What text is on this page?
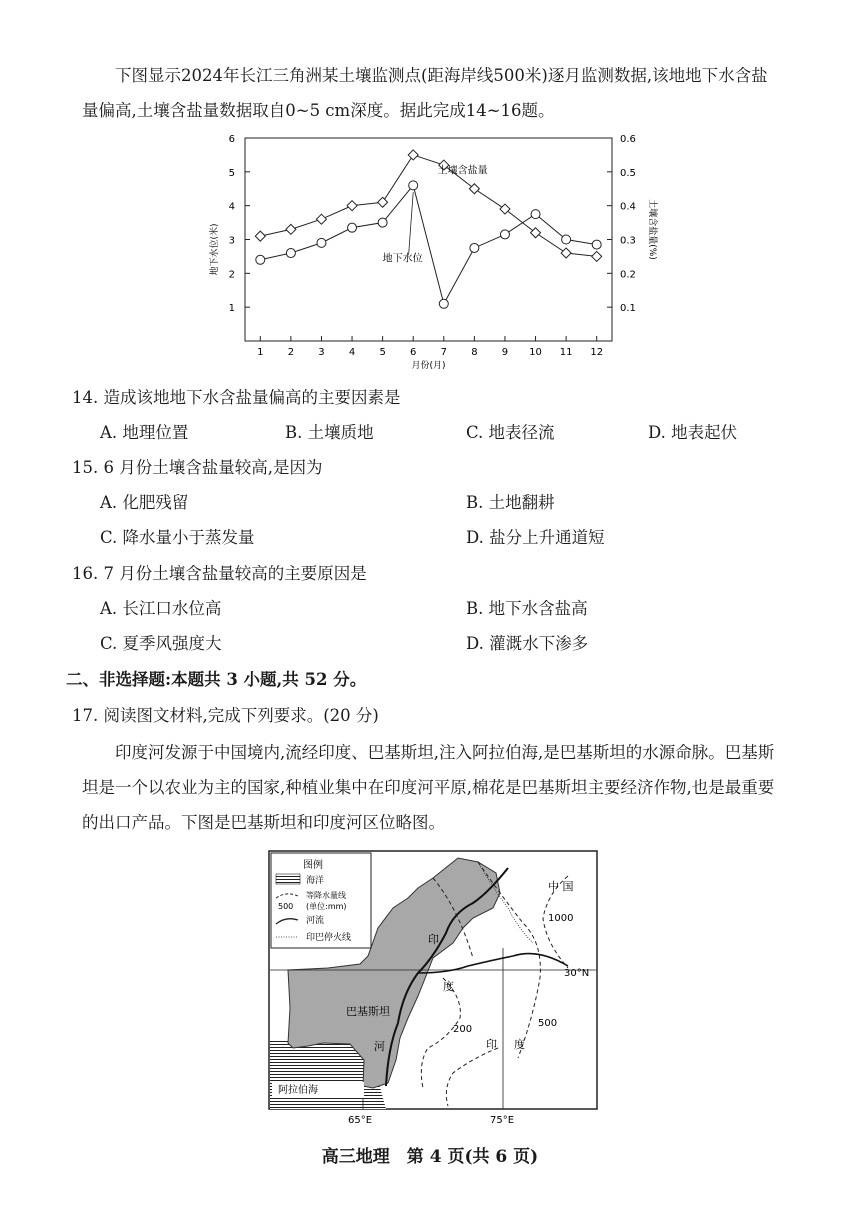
下图显示2024年长江三角洲某土壤监测点(距海岸线500米)逐月监测数据,该地地下水含盐量偏高,土壤含盐量数据取自0~5 cm深度。据此完成14~16题。
1
2
3
4
5
6
0.1
0.2
0.3
0.4
0.5
0.6
1 2 3 4 5 6 7 8 9 10 11 12
月份(月)
地下水位(米)	土壤含盐量(%)
土壤含盐量
地下水位
14. 造成该地地下水含盐量偏高的主要因素是
A. 地理位置	B. 土壤质地	C. 地表径流	D. 地表起伏
15. 6 月份土壤含盐量较高,是因为
A. 化肥残留	B. 土地翻耕
C. 降水量小于蒸发量	D. 盐分上升通道短
16. 7 月份土壤含盐量较高的主要原因是
A. 长江口水位高	B. 地下水含盐高
C. 夏季风强度大	D. 灌溉水下渗多
二、非选择题:本题共 3 小题,共 52 分。
17. 阅读图文材料,完成下列要求。(20 分)
印度河发源于中国境内,流经印度、巴基斯坦,注入阿拉伯海,是巴基斯坦的水源命脉。巴基斯坦是一个以农业为主的国家,种植业集中在印度河平原,棉花是巴基斯坦主要经济作物,也是最重要的出口产品。下图是巴基斯坦和印度河区位略图。
图例
海洋
500
等降水量线
(单位:mm)
河流
印巴停火线
中 国
1000
印
30°N
度
巴基斯坦
500
200
河	印 度
阿拉伯海
65°E	75°E
高三地理　第 4 页(共 6 页)
